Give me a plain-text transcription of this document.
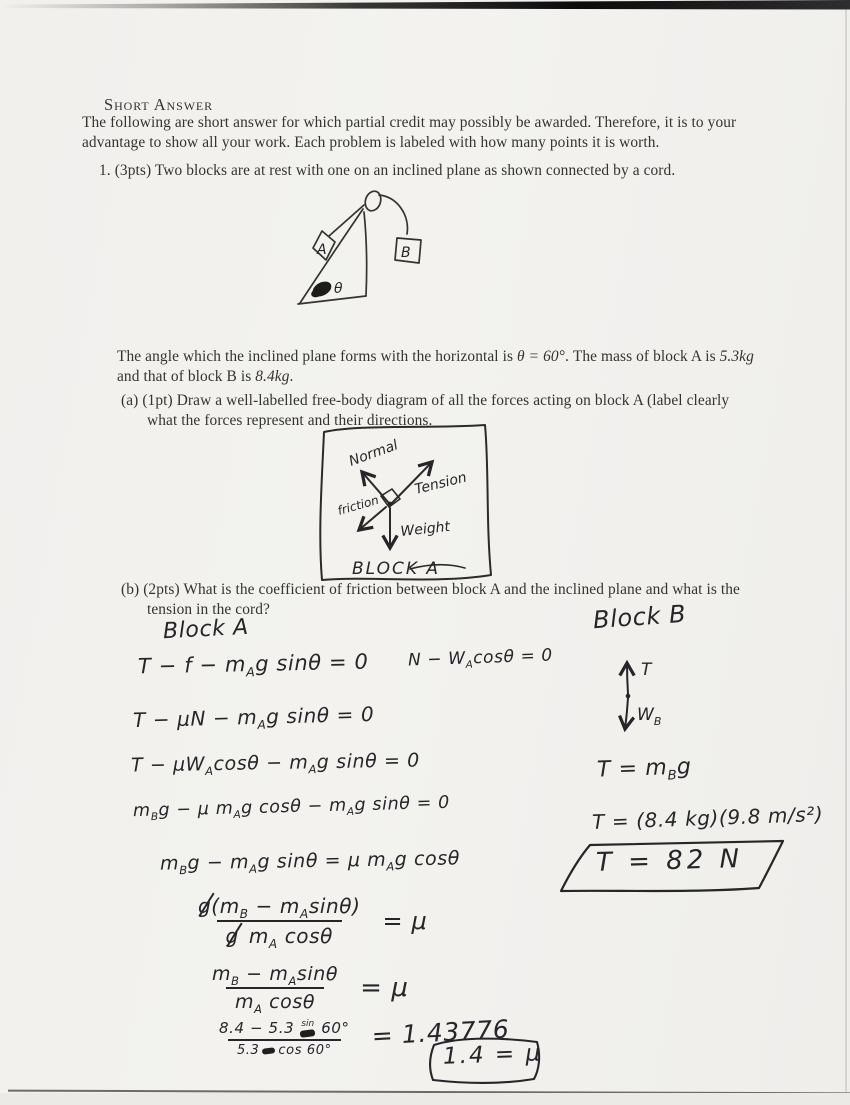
Short Answer
The following are short answer for which partial credit may possibly be awarded. Therefore, it is to your
advantage to show all your work. Each problem is labeled with how many points it is worth.
1. (3pts) Two blocks are at rest with one on an inclined plane as shown connected by a cord.
A	B
θ
The angle which the inclined plane forms with the horizontal is θ = 60°. The mass of block A is 5.3kg
and that of block B is 8.4kg.
(a) (1pt) Draw a well-labelled free-body diagram of all the forces acting on block A (label clearly
what the forces represent and their directions.
(b) (2pts) What is the coefficient of friction between block A and the inclined plane and what is the
tension in the cord?
Normal
Tension
friction
Weight
BLOCK A
Block A
$T - f - m_Ag$ sinθ = 0 $N - W_A\cos\theta = 0$
$T - \mu N - m_Ag$ sinθ = 0
$T - \mu W_A\cos\theta - m_Ag$ sinθ = 0
$m_Bg - \mu$ $m_Ag$ $\cos\theta - m_Ag$ sinθ = 0
$m_Bg - m_Ag$ sinθ = μ $m_Ag$ cosθ
$\frac{g(m_B - m_A\sin\theta)}{g m_A \cos\theta} = \mu$
$\frac{m_B - m_A\sin\theta}{m_A \cos\theta} = \mu$
$\frac{8.4 - 5.3 \sin 60^\circ}{5.3 \cos 60^\circ} = 1.43776$
1.4 = μ
Block B
T
$W_B$
$T = m_Bg$
T = (8.4 kg)(9.8 m/s²)
T = 82 N
